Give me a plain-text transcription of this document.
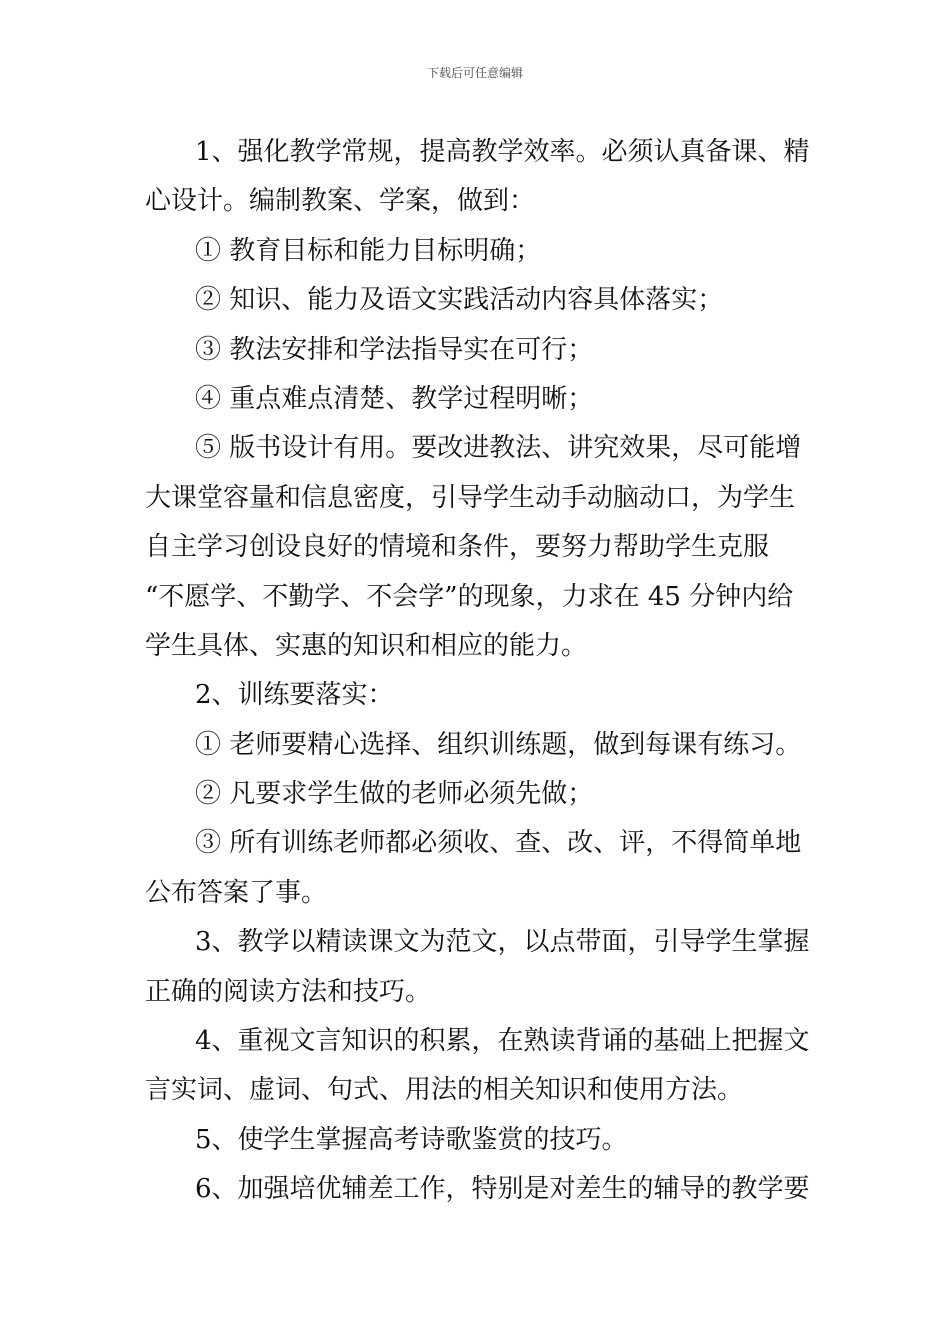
下载后可任意编辑
1、强化教学常规，提高教学效率。必须认真备课、精
心设计。编制教案、学案，做到：
① 教育目标和能力目标明确；
② 知识、能力及语文实践活动内容具体落实；
③ 教法安排和学法指导实在可行；
④ 重点难点清楚、教学过程明晰；
⑤ 版书设计有用。要改进教法、讲究效果，尽可能增
大课堂容量和信息密度，引导学生动手动脑动口，为学生
自主学习创设良好的情境和条件，要努力帮助学生克服
“不愿学、不勤学、不会学”的现象，力求在 45 分钟内给
学生具体、实惠的知识和相应的能力。
2、训练要落实：
① 老师要精心选择、组织训练题，做到每课有练习。
② 凡要求学生做的老师必须先做；
③ 所有训练老师都必须收、查、改、评，不得简单地
公布答案了事。
3、教学以精读课文为范文，以点带面，引导学生掌握
正确的阅读方法和技巧。
4、重视文言知识的积累，在熟读背诵的基础上把握文
言实词、虚词、句式、用法的相关知识和使用方法。
5、使学生掌握高考诗歌鉴赏的技巧。
6、加强培优辅差工作，特别是对差生的辅导的教学要
